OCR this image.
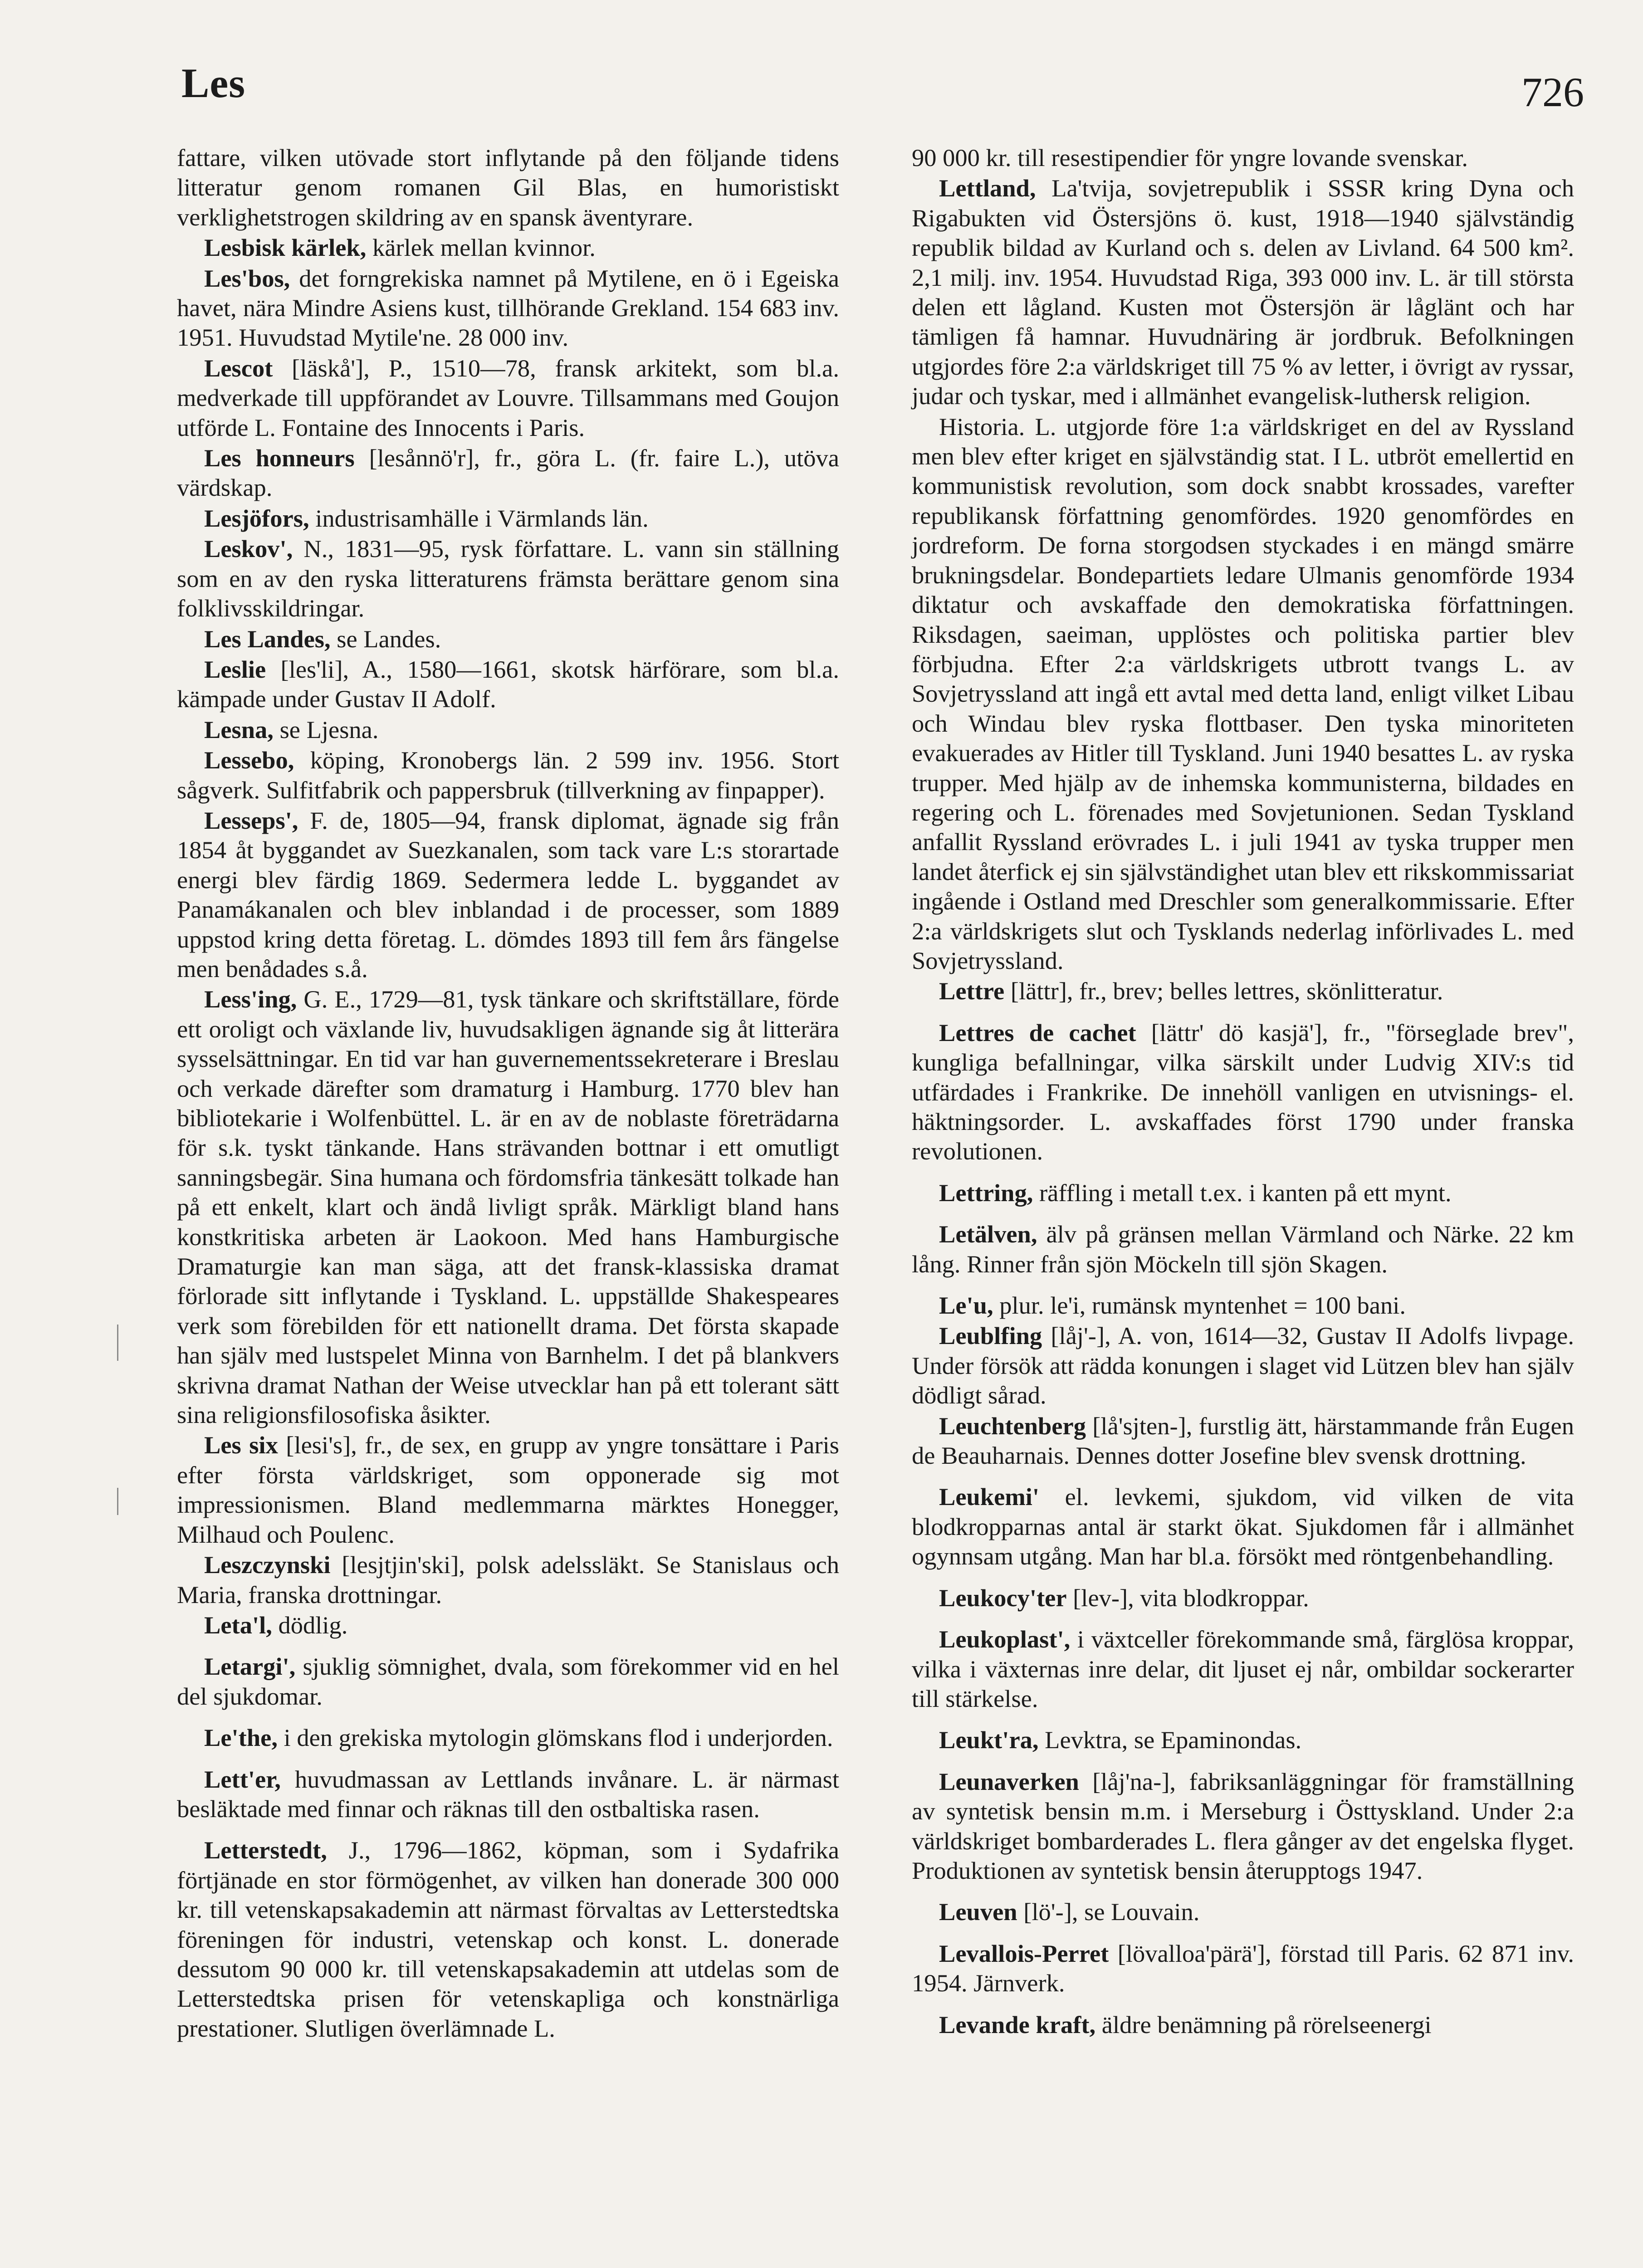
Les	726

fattare, vilken utövade stort inflytande på den följande tidens litteratur genom romanen Gil Blas, en humoristiskt verklighetstrogen skildring av en spansk äventyrare.

Lesbisk kärlek, kärlek mellan kvinnor.

Les'bos, det forngrekiska namnet på Mytilene, en ö i Egeiska havet, nära Mindre Asiens kust, tillhörande Grekland. 154 683 inv. 1951. Huvudstad Mytile'ne. 28 000 inv.

Lescot [läskå'], P., 1510—78, fransk arkitekt, som bl.a. medverkade till uppförandet av Louvre. Tillsammans med Goujon utförde L. Fontaine des Innocents i Paris.

Les honneurs [lesånnö'r], fr., göra L. (fr. faire L.), utöva värdskap.

Lesjöfors, industrisamhälle i Värmlands län.

Leskov', N., 1831—95, rysk författare. L. vann sin ställning som en av den ryska litteraturens främsta berättare genom sina folklivsskildringar.

Les Landes, se Landes.

Leslie [les'li], A., 1580—1661, skotsk härförare, som bl.a. kämpade under Gustav II Adolf.

Lesna, se Ljesna.

Lessebo, köping, Kronobergs län. 2 599 inv. 1956. Stort sågverk. Sulfitfabrik och pappersbruk (tillverkning av finpapper).

Lesseps', F. de, 1805—94, fransk diplomat, ägnade sig från 1854 åt byggandet av Suezkanalen, som tack vare L:s storartade energi blev färdig 1869. Sedermera ledde L. byggandet av Panamákanalen och blev inblandad i de processer, som 1889 uppstod kring detta företag. L. dömdes 1893 till fem års fängelse men benådades s.å.

Less'ing, G. E., 1729—81, tysk tänkare och skriftställare, förde ett oroligt och växlande liv, huvudsakligen ägnande sig åt litterära sysselsättningar. En tid var han guvernementssekreterare i Breslau och verkade därefter som dramaturg i Hamburg. 1770 blev han bibliotekarie i Wolfenbüttel. L. är en av de noblaste företrädarna för s.k. tyskt tänkande. Hans strävanden bottnar i ett omutligt sanningsbegär. Sina humana och fördomsfria tänkesätt tolkade han på ett enkelt, klart och ändå livligt språk. Märkligt bland hans konstkritiska arbeten är Laokoon. Med hans Hamburgische Dramaturgie kan man säga, att det fransk-klassiska dramat förlorade sitt inflytande i Tyskland. L. uppställde Shakespeares verk som förebilden för ett nationellt drama. Det första skapade han själv med lustspelet Minna von Barnhelm. I det på blankvers skrivna dramat Nathan der Weise utvecklar han på ett tolerant sätt sina religionsfilosofiska åsikter.

Les six [lesi's], fr., de sex, en grupp av yngre tonsättare i Paris efter första världskriget, som opponerade sig mot impressionismen. Bland medlemmarna märktes Honegger, Milhaud och Poulenc.

Leszczynski [lesjtjin'ski], polsk adelssläkt. Se Stanislaus och Maria, franska drottningar.

Leta'l, dödlig.

Letargi', sjuklig sömnighet, dvala, som förekommer vid en hel del sjukdomar.

Le'the, i den grekiska mytologin glömskans flod i underjorden.

Lett'er, huvudmassan av Lettlands invånare. L. är närmast besläktade med finnar och räknas till den ostbaltiska rasen.

Letterstedt, J., 1796—1862, köpman, som i Sydafrika förtjänade en stor förmögenhet, av vilken han donerade 300 000 kr. till vetenskapsakademin att närmast förvaltas av Letterstedtska föreningen för industri, vetenskap och konst. L. donerade dessutom 90 000 kr. till vetenskapsakademin att utdelas som de Letterstedtska prisen för vetenskapliga och konstnärliga prestationer. Slutligen överlämnade L.

90 000 kr. till resestipendier för yngre lovande svenskar.

Lettland, La'tvija, sovjetrepublik i SSSR kring Dyna och Rigabukten vid Östersjöns ö. kust, 1918—1940 självständig republik bildad av Kurland och s. delen av Livland. 64 500 km². 2,1 milj. inv. 1954. Huvudstad Riga, 393 000 inv. L. är till största delen ett lågland. Kusten mot Östersjön är låglänt och har tämligen få hamnar. Huvudnäring är jordbruk. Befolkningen utgjordes före 2:a världskriget till 75 % av letter, i övrigt av ryssar, judar och tyskar, med i allmänhet evangelisk-luthersk religion.

Historia. L. utgjorde före 1:a världskriget en del av Ryssland men blev efter kriget en självständig stat. I L. utbröt emellertid en kommunistisk revolution, som dock snabbt krossades, varefter republikansk författning genomfördes. 1920 genomfördes en jordreform. De forna storgodsen styckades i en mängd smärre brukningsdelar. Bondepartiets ledare Ulmanis genomförde 1934 diktatur och avskaffade den demokratiska författningen. Riksdagen, saeiman, upplöstes och politiska partier blev förbjudna. Efter 2:a världskrigets utbrott tvangs L. av Sovjetryssland att ingå ett avtal med detta land, enligt vilket Libau och Windau blev ryska flottbaser. Den tyska minoriteten evakuerades av Hitler till Tyskland. Juni 1940 besattes L. av ryska trupper. Med hjälp av de inhemska kommunisterna, bildades en regering och L. förenades med Sovjetunionen. Sedan Tyskland anfallit Ryssland erövrades L. i juli 1941 av tyska trupper men landet återfick ej sin självständighet utan blev ett rikskommissariat ingående i Ostland med Dreschler som generalkommissarie. Efter 2:a världskrigets slut och Tysklands nederlag införlivades L. med Sovjetryssland.

Lettre [lättr], fr., brev; belles lettres, skönlitteratur.

Lettres de cachet [lättr' dö kasjä'], fr., "förseglade brev", kungliga befallningar, vilka särskilt under Ludvig XIV:s tid utfärdades i Frankrike. De innehöll vanligen en utvisnings- el. häktningsorder. L. avskaffades först 1790 under franska revolutionen.

Lettring, räffling i metall t.ex. i kanten på ett mynt.

Letälven, älv på gränsen mellan Värmland och Närke. 22 km lång. Rinner från sjön Möckeln till sjön Skagen.

Le'u, plur. le'i, rumänsk myntenhet = 100 bani.

Leublfing [låj'-], A. von, 1614—32, Gustav II Adolfs livpage. Under försök att rädda konungen i slaget vid Lützen blev han själv dödligt sårad.

Leuchtenberg [lå'sjten-], furstlig ätt, härstammande från Eugen de Beauharnais. Dennes dotter Josefine blev svensk drottning.

Leukemi' el. levkemi, sjukdom, vid vilken de vita blodkropparnas antal är starkt ökat. Sjukdomen får i allmänhet ogynnsam utgång. Man har bl.a. försökt med röntgenbehandling.

Leukocy'ter [lev-], vita blodkroppar.

Leukoplast', i växtceller förekommande små, färglösa kroppar, vilka i växternas inre delar, dit ljuset ej når, ombildar sockerarter till stärkelse.

Leukt'ra, Levktra, se Epaminondas.

Leunaverken [låj'na-], fabriksanläggningar för framställning av syntetisk bensin m.m. i Merseburg i Östtyskland. Under 2:a världskriget bombarderades L. flera gånger av det engelska flyget. Produktionen av syntetisk bensin återupptogs 1947.

Leuven [lö'-], se Louvain.

Levallois-Perret [lövalloa'pärä'], förstad till Paris. 62 871 inv. 1954. Järnverk.

Levande kraft, äldre benämning på rörelseenergi
